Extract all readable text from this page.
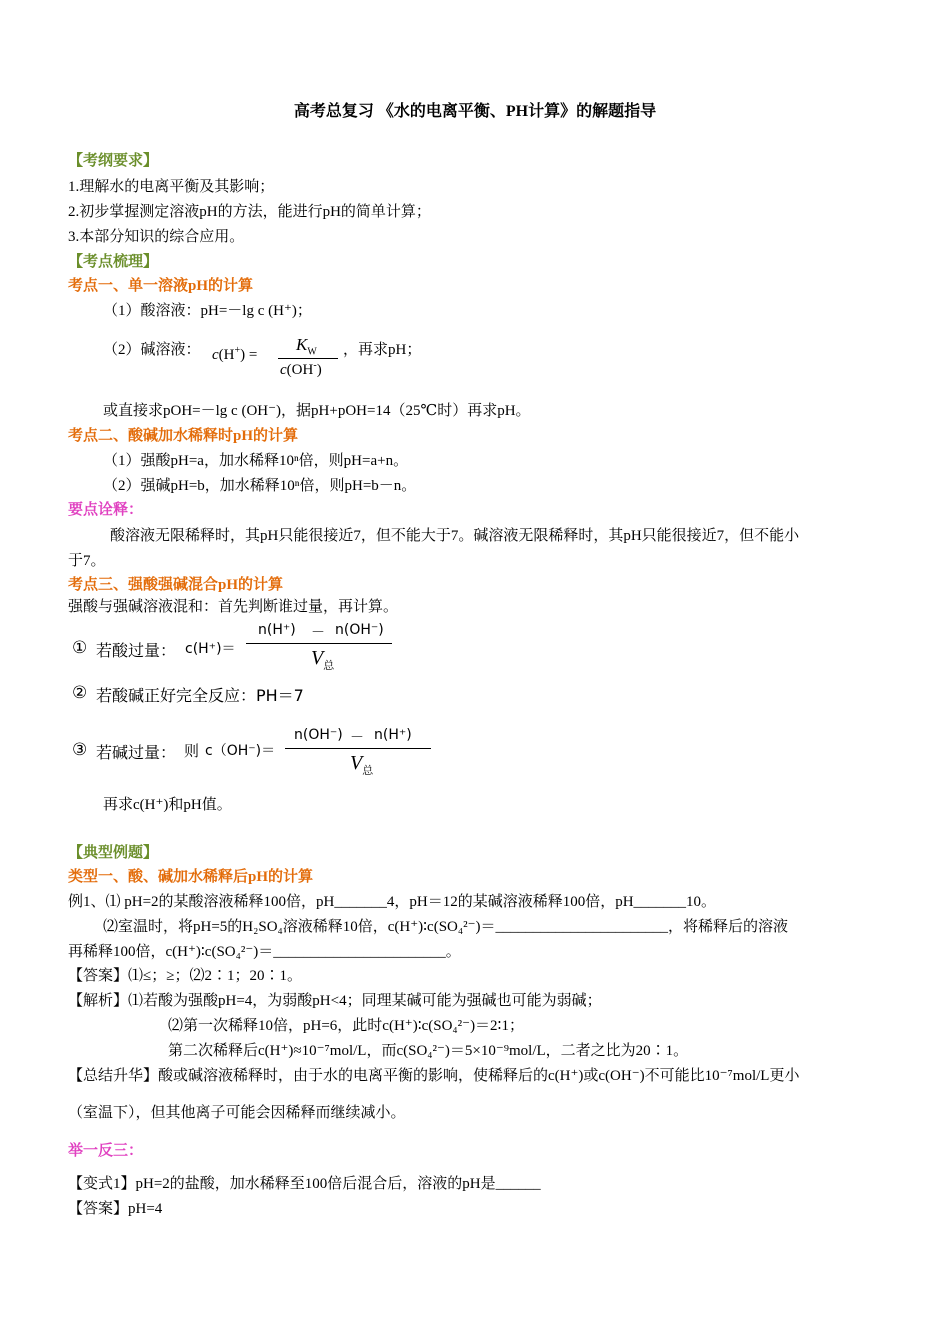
高考总复习 《水的电离平衡、PH计算》的解题指导
【考纲要求】
1.理解水的电离平衡及其影响；
2.初步掌握测定溶液pH的方法，能进行pH的简单计算；
3.本部分知识的综合应用。
【考点梳理】
考点一、单一溶液pH的计算
（1）酸溶液：pH=－lg c (H⁺)；
（2）碱溶液： c(H+) =
$K_W$
c(OH-)
，再求pH；
或直接求pOH=－lg c (OH⁻)，据pH+pOH=14（25℃时）再求pH。
考点二、酸碱加水稀释时pH的计算
（1）强酸pH=a，加水稀释10ⁿ倍，则pH=a+n。
（2）强碱pH=b，加水稀释10ⁿ倍，则pH=b－n。
要点诠释：
酸溶液无限稀释时，其pH只能很接近7，但不能大于7。碱溶液无限稀释时，其pH只能很接近7，但不能小
于7。
考点三、强酸强碱混合pH的计算
强酸与强碱溶液混和：首先判断谁过量，再计算。
① 若酸过量： c(H⁺)＝
n(H⁺) － n(OH⁻)
$V_总$
② 若酸碱正好完全反应：PH＝7
③ 若碱过量： 则 c（OH⁻)＝
n(OH⁻) － n(H⁺)
$V_总$
再求c(H⁺)和pH值。
【典型例题】
类型一、酸、碱加水稀释后pH的计算
例1、⑴ pH=2的某酸溶液稀释100倍，pH_______4，pH＝12的某碱溶液稀释100倍，pH_______10。
⑵室温时，将pH=5的H₂SO₄溶液稀释10倍，c(H⁺)∶c(SO₄²⁻)＝_______________________，将稀释后的溶液
再稀释100倍，c(H⁺)∶c(SO₄²⁻)＝_______________________。
【答案】⑴≤；≥；⑵2∶1；20∶1。
【解析】⑴若酸为强酸pH=4，为弱酸pH<4；同理某碱可能为强碱也可能为弱碱；
⑵第一次稀释10倍，pH=6，此时c(H⁺)∶c(SO₄²⁻)＝2∶1；
第二次稀释后c(H⁺)≈10⁻⁷mol/L，而c(SO₄²⁻)＝5×10⁻⁹mol/L，二者之比为20∶1。
【总结升华】酸或碱溶液稀释时，由于水的电离平衡的影响，使稀释后的c(H⁺)或c(OH⁻)不可能比10⁻⁷mol/L更小
（室温下），但其他离子可能会因稀释而继续减小。
举一反三：
【变式1】pH=2的盐酸，加水稀释至100倍后混合后，溶液的pH是______
【答案】pH=4
